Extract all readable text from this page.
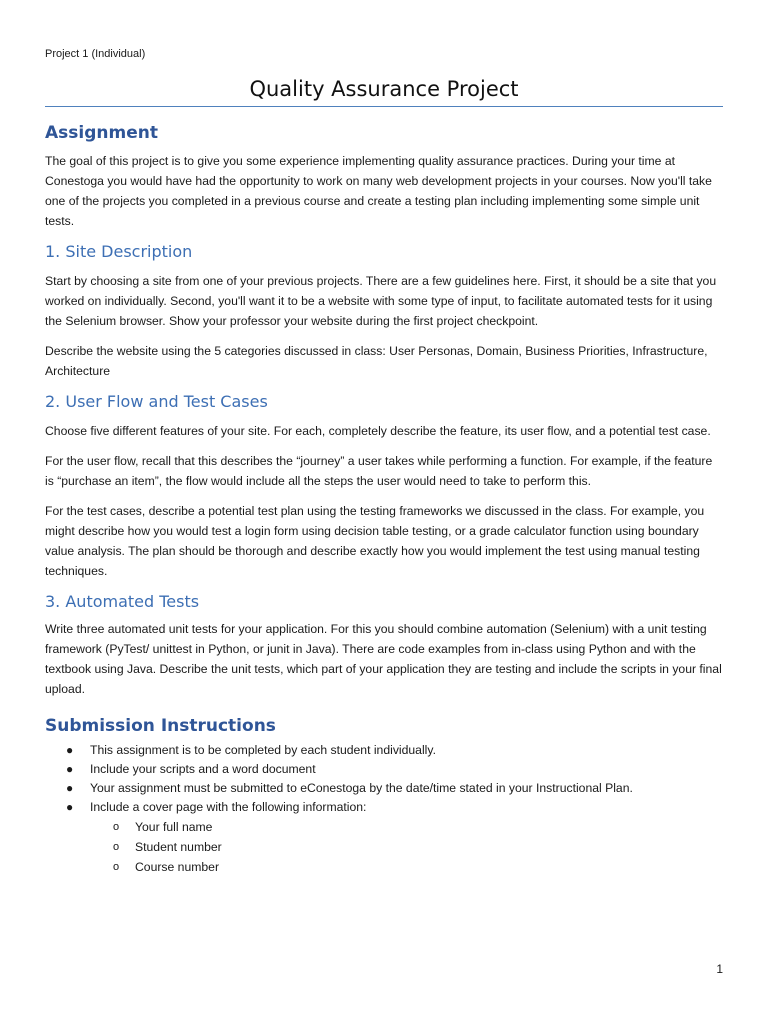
Project 1 (Individual)
Quality Assurance Project
Assignment

The goal of this project is to give you some experience implementing quality assurance practices. During your time at Conestoga you would have had the opportunity to work on many web development projects in your courses. Now you'll take one of the projects you completed in a previous course and create a testing plan including implementing some simple unit tests.

1. Site Description

Start by choosing a site from one of your previous projects. There are a few guidelines here. First, it should be a site that you worked on individually. Second, you'll want it to be a website with some type of input, to facilitate automated tests for it using the Selenium browser. Show your professor your website during the first project checkpoint.

Describe the website using the 5 categories discussed in class: User Personas, Domain, Business Priorities, Infrastructure, Architecture

2. User Flow and Test Cases

Choose five different features of your site. For each, completely describe the feature, its user flow, and a potential test case.

For the user flow, recall that this describes the “journey” a user takes while performing a function. For example, if the feature is “purchase an item”, the flow would include all the steps the user would need to take to perform this.

For the test cases, describe a potential test plan using the testing frameworks we discussed in the class. For example, you might describe how you would test a login form using decision table testing, or a grade calculator function using boundary value analysis. The plan should be thorough and describe exactly how you would implement the test using manual testing techniques.

3. Automated Tests

Write three automated unit tests for your application. For this you should combine automation (Selenium) with a unit testing framework (PyTest/ unittest in Python, or junit in Java). There are code examples from in-class using Python and with the textbook using Java. Describe the unit tests, which part of your application they are testing and include the scripts in your final upload.

Submission Instructions
● This assignment is to be completed by each student individually.
● Include your scripts and a word document
● Your assignment must be submitted to eConestoga by the date/time stated in your Instructional Plan.
● Include a cover page with the following information:
o Your full name
o Student number
o Course number
1
